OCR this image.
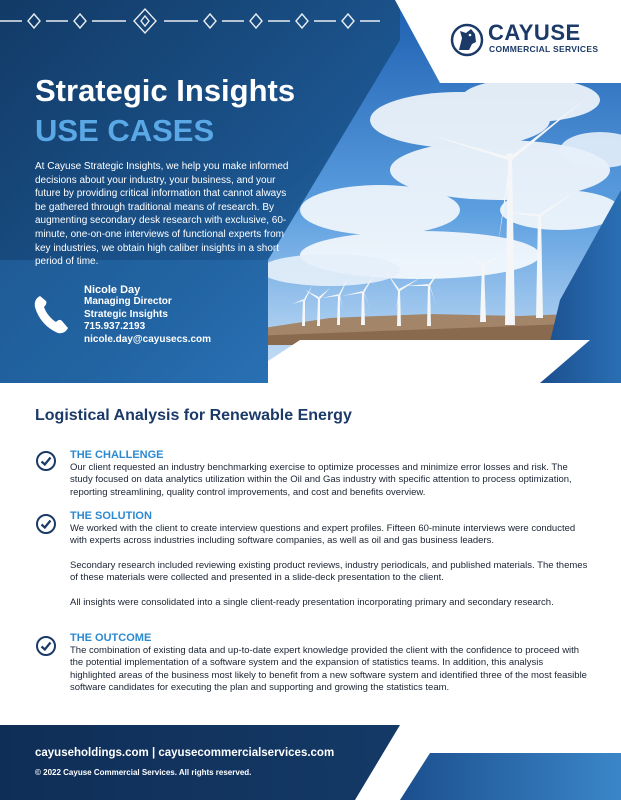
CAYUSE
COMMERCIAL SERVICES
Strategic Insights
USE CASES
At Cayuse Strategic Insights, we help you make informed decisions about your industry, your business, and your future by providing critical information that cannot always be gathered through traditional means of research. By augmenting secondary desk research with exclusive, 60-minute, one-on-one interviews of functional experts from key industries, we obtain high caliber insights in a short period of time.
Nicole Day
Managing Director
Strategic Insights
715.937.2193
nicole.day@cayusecs.com
Logistical Analysis for Renewable Energy
THE CHALLENGE

Our client requested an industry benchmarking exercise to optimize processes and minimize error losses and risk. The study focused on data analytics utilization within the Oil and Gas industry with specific attention to process optimization, reporting streamlining, quality control improvements, and cost and benefits overview.

THE SOLUTION

We worked with the client to create interview questions and expert profiles. Fifteen 60-minute interviews were conducted with experts across industries including software companies, as well as oil and gas business leaders.

Secondary research included reviewing existing product reviews, industry periodicals, and published materials. The themes of these materials were collected and presented in a slide-deck presentation to the client.

All insights were consolidated into a single client-ready presentation incorporating primary and secondary research.

THE OUTCOME

The combination of existing data and up-to-date expert knowledge provided the client with the confidence to proceed with the potential implementation of a software system and the expansion of statistics teams. In addition, this analysis highlighted areas of the business most likely to benefit from a new software system and identified three of the most feasible software candidates for executing the plan and supporting and growing the statistics team.

cayuseholdings.com | cayusecommercialservices.com
© 2022 Cayuse Commercial Services. All rights reserved.
